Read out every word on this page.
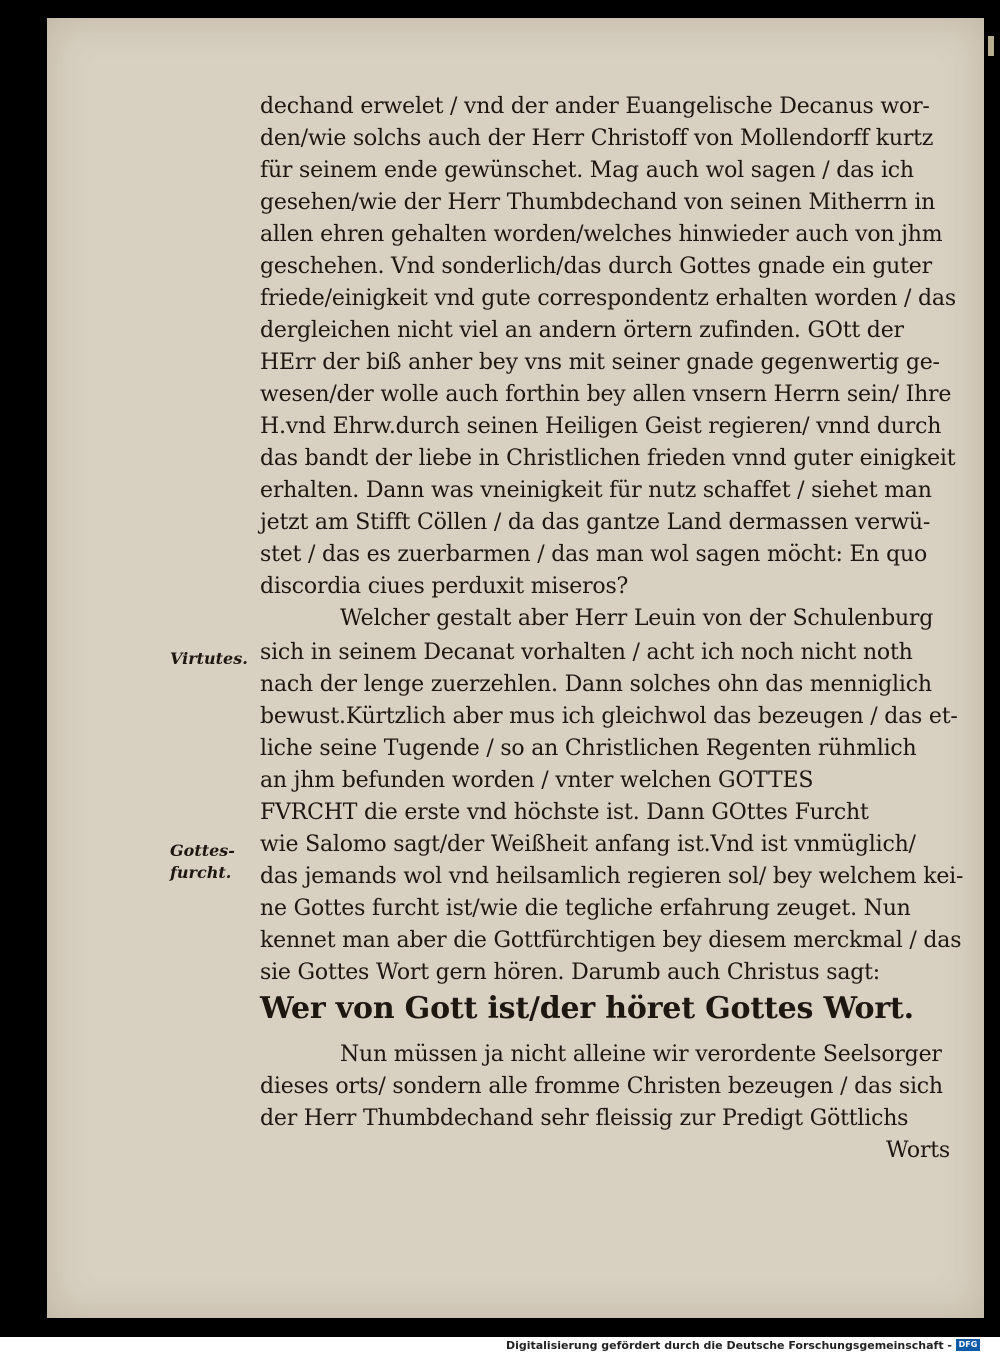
dechand erwelet / vnd der ander Euangelische Decanus wor-
den/wie solchs auch der Herr Christoff von Mollendorff kurtz
für seinem ende gewünschet. Mag auch wol sagen / das ich
gesehen/wie der Herr Thumbdechand von seinen Mitherrn in
allen ehren gehalten worden/welches hinwieder auch von jhm
geschehen. Vnd sonderlich/das durch Gottes gnade ein guter
friede/einigkeit vnd gute correspondentz erhalten worden / das
dergleichen nicht viel an andern örtern zufinden. GOtt der
HErr der biß anher bey vns mit seiner gnade gegenwertig ge-
wesen/der wolle auch forthin bey allen vnsern Herrn sein/ Ihre
H.vnd Ehrw.durch seinen Heiligen Geist regieren/ vnnd durch
das bandt der liebe in Christlichen frieden vnnd guter einigkeit
erhalten. Dann was vneinigkeit für nutz schaffet / siehet man
jetzt am Stifft Cöllen / da das gantze Land dermassen verwü-
stet / das es zuerbarmen / das man wol sagen möcht: En quo
discordia ciues perduxit miseros?
Welcher gestalt aber Herr Leuin von der Schulenburg
sich in seinem Decanat vorhalten / acht ich noch nicht noth
nach der lenge zuerzehlen. Dann solches ohn das menniglich
bewust.Kürtzlich aber mus ich gleichwol das bezeugen / das et-
liche seine Tugende / so an Christlichen Regenten rühmlich
an jhm befunden worden / vnter welchen GOTTES
FVRCHT die erste vnd höchste ist. Dann GOttes Furcht
wie Salomo sagt/der Weißheit anfang ist.Vnd ist vnmüglich/
das jemands wol vnd heilsamlich regieren sol/ bey welchem kei-
ne Gottes furcht ist/wie die tegliche erfahrung zeuget. Nun
kennet man aber die Gottfürchtigen bey diesem merckmal / das
sie Gottes Wort gern hören. Darumb auch Christus sagt:
Wer von Gott ist/der höret Gottes Wort.
Nun müssen ja nicht alleine wir verordente Seelsorger
dieses orts/ sondern alle fromme Christen bezeugen / das sich
der Herr Thumbdechand sehr fleissig zur Predigt Göttlichs
Worts
Virtutes.
Gottes-
furcht.
Digitalisierung gefördert durch die Deutsche Forschungsgemeinschaft - DFG
